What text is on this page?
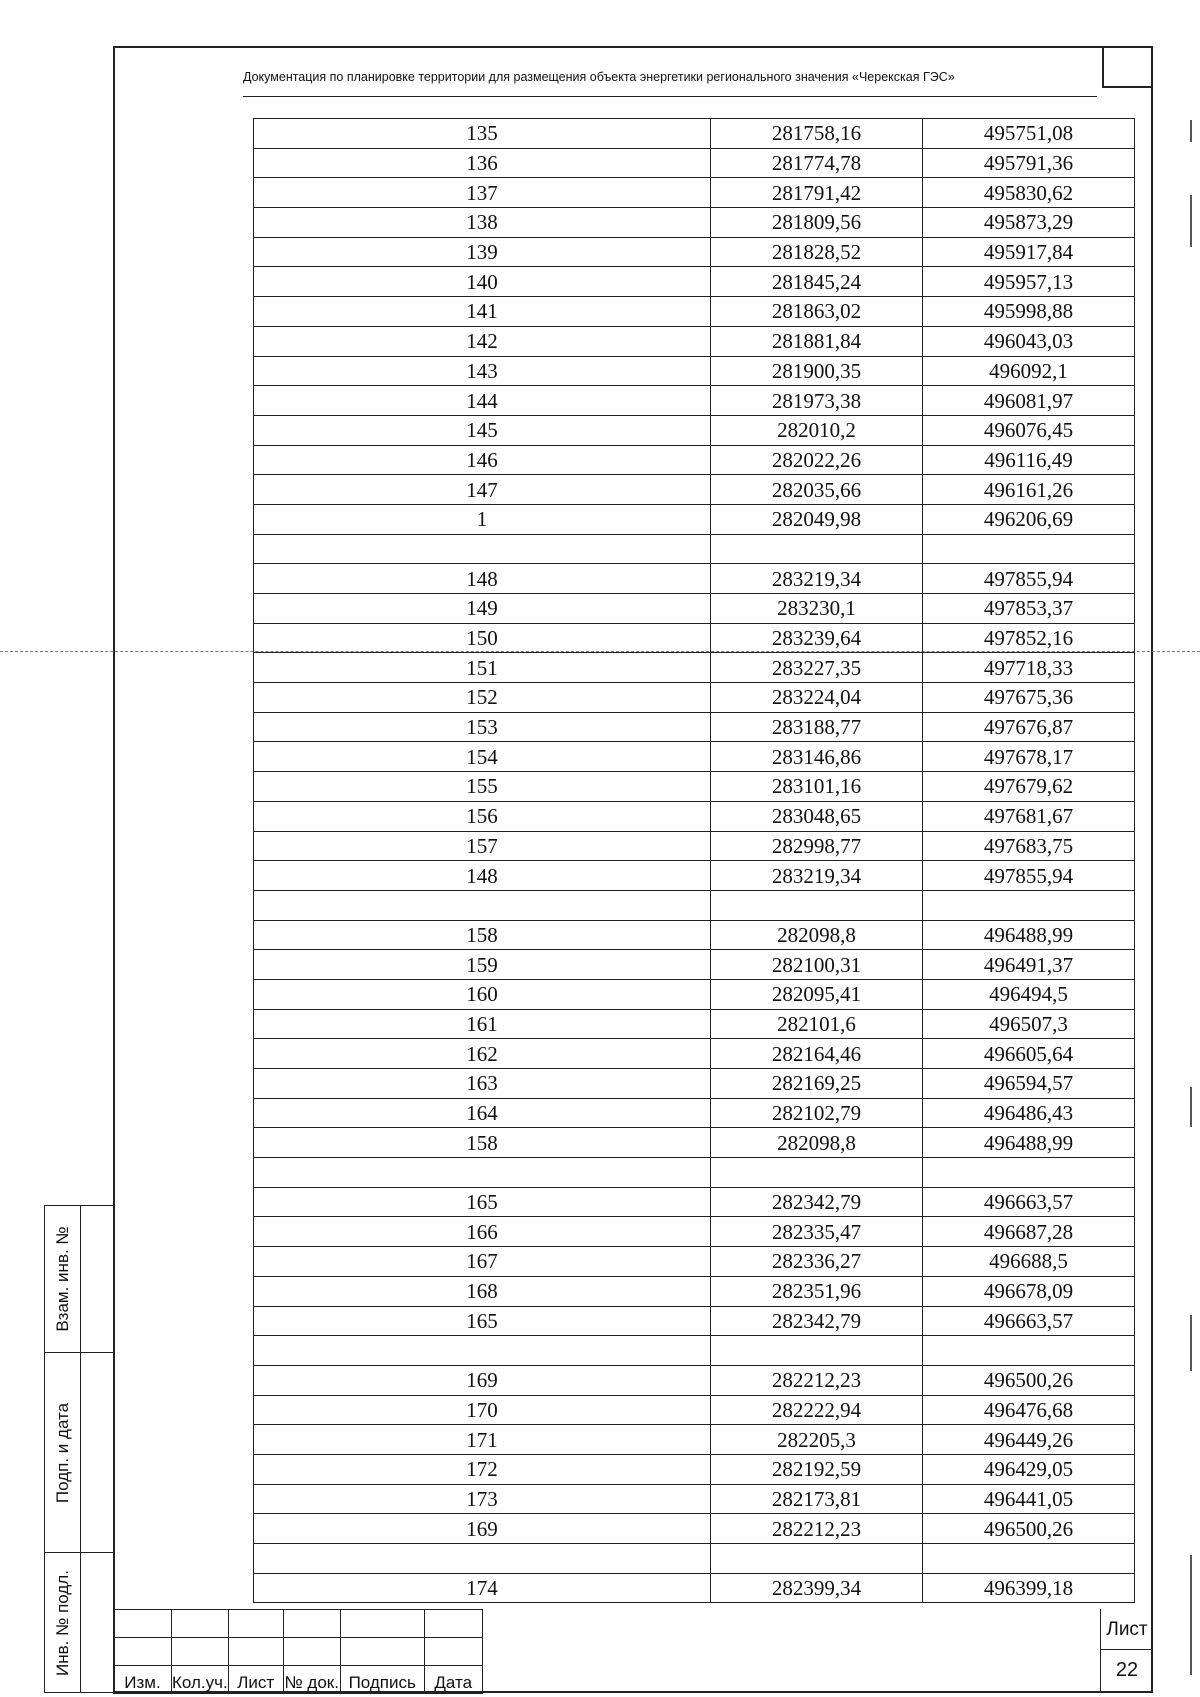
Документация по планировке территории для размещения объекта энергетики регионального значения «Черекская ГЭС»
135	281758,16	495751,08
136	281774,78	495791,36
137	281791,42	495830,62
138	281809,56	495873,29
139	281828,52	495917,84
140	281845,24	495957,13
141	281863,02	495998,88
142	281881,84	496043,03
143	281900,35	496092,1
144	281973,38	496081,97
145	282010,2	496076,45
146	282022,26	496116,49
147	282035,66	496161,26
1	282049,98	496206,69

148	283219,34	497855,94
149	283230,1	497853,37
150	283239,64	497852,16
151	283227,35	497718,33
152	283224,04	497675,36
153	283188,77	497676,87
154	283146,86	497678,17
155	283101,16	497679,62
156	283048,65	497681,67
157	282998,77	497683,75
148	283219,34	497855,94

158	282098,8	496488,99
159	282100,31	496491,37
160	282095,41	496494,5
161	282101,6	496507,3
162	282164,46	496605,64
163	282169,25	496594,57
164	282102,79	496486,43
158	282098,8	496488,99

165	282342,79	496663,57
166	282335,47	496687,28
167	282336,27	496688,5
168	282351,96	496678,09
165	282342,79	496663,57

169	282212,23	496500,26
170	282222,94	496476,68
171	282205,3	496449,26
172	282192,59	496429,05
173	282173,81	496441,05
169	282212,23	496500,26

174	282399,34	496399,18
Взам. инв. №
Подп. и дата
Инв. № подл.

Изм.	Кол.уч.	Лист	№ док.	Подпись	Дата
Лист
22
